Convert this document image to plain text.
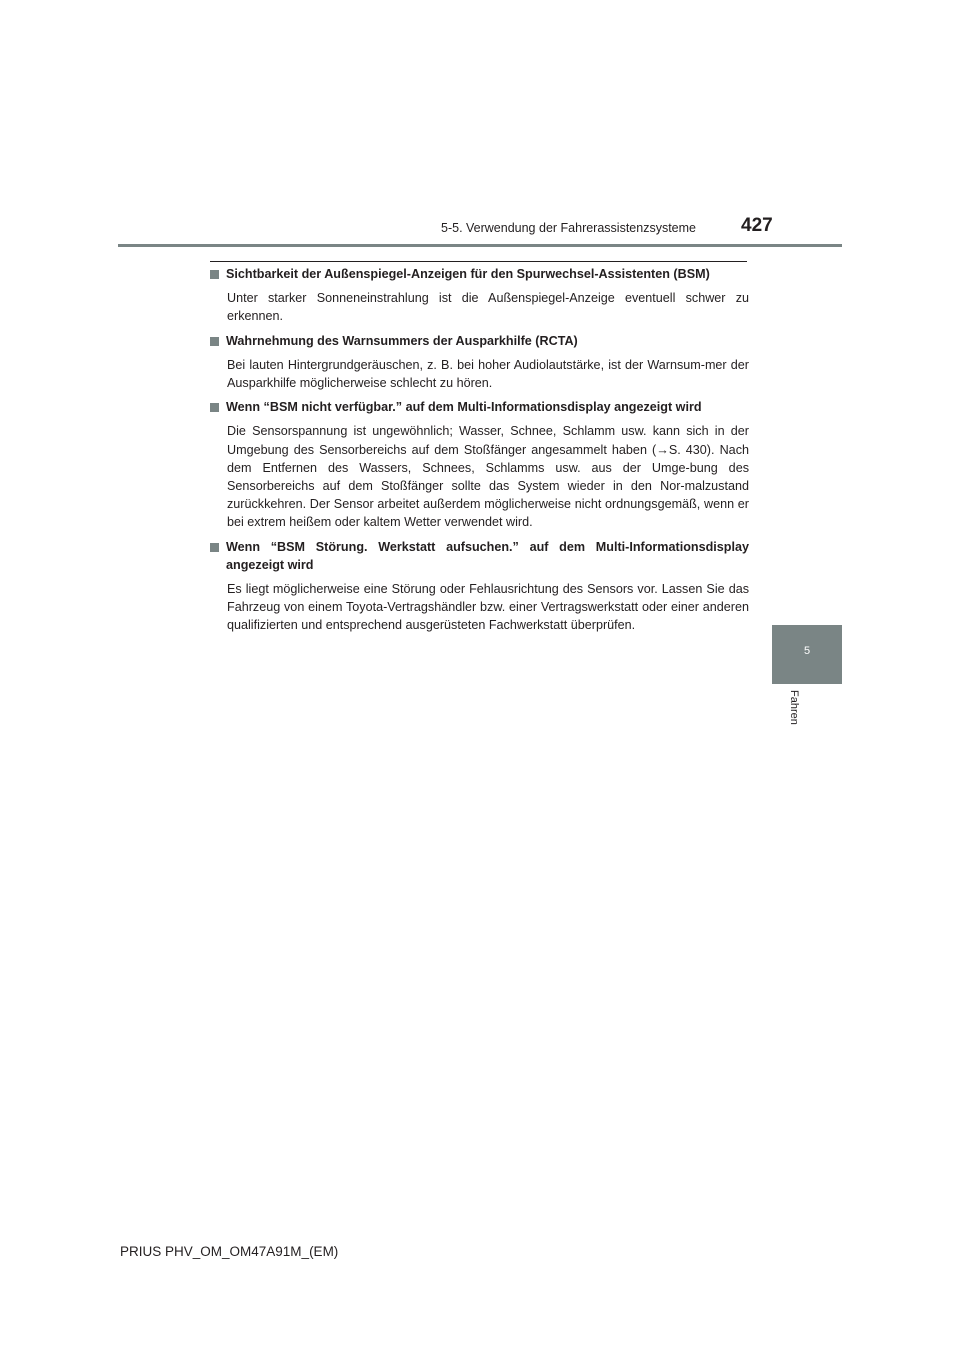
5-5. Verwendung der Fahrerassistenzsysteme 427
Sichtbarkeit der Außenspiegel-Anzeigen für den Spurwechsel-Assistenten (BSM)
Unter starker Sonneneinstrahlung ist die Außenspiegel-Anzeige eventuell schwer zu erkennen.
Wahrnehmung des Warnsummers der Ausparkhilfe (RCTA)
Bei lauten Hintergrundgeräuschen, z. B. bei hoher Audiolautstärke, ist der Warnsum-mer der Ausparkhilfe möglicherweise schlecht zu hören.
Wenn “BSM nicht verfügbar.” auf dem Multi-Informationsdisplay angezeigt wird
Die Sensorspannung ist ungewöhnlich; Wasser, Schnee, Schlamm usw. kann sich in der Umgebung des Sensorbereichs auf dem Stoßfänger angesammelt haben (→S. 430). Nach dem Entfernen des Wassers, Schnees, Schlamms usw. aus der Umge-bung des Sensorbereichs auf dem Stoßfänger sollte das System wieder in den Nor-malzustand zurückkehren. Der Sensor arbeitet außerdem möglicherweise nicht ordnungsgemäß, wenn er bei extrem heißem oder kaltem Wetter verwendet wird.
Wenn “BSM Störung. Werkstatt aufsuchen.” auf dem Multi-Informationsdisplay angezeigt wird
Es liegt möglicherweise eine Störung oder Fehlausrichtung des Sensors vor. Lassen Sie das Fahrzeug von einem Toyota-Vertragshändler bzw. einer Vertragswerkstatt oder einer anderen qualifizierten und entsprechend ausgerüsteten Fachwerkstatt überprüfen.
5
Fahren
PRIUS PHV_OM_OM47A91M_(EM)
